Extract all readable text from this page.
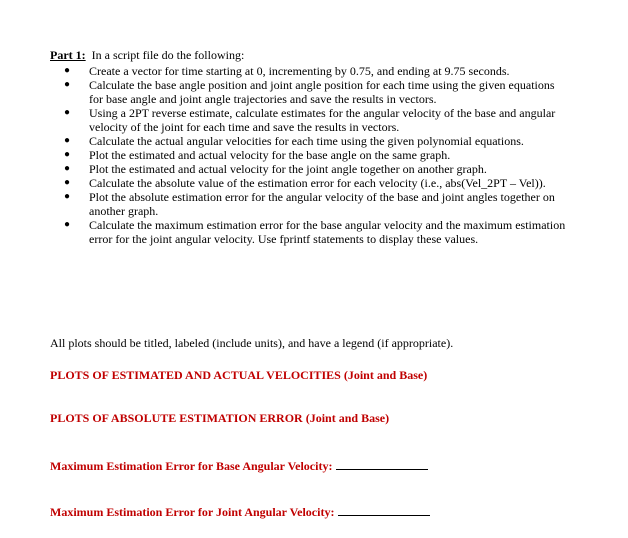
Part 1: In a script file do the following:
● Create a vector for time starting at 0, incrementing by 0.75, and ending at 9.75 seconds.
● Calculate the base angle position and joint angle position for each time using the given equations for base angle and joint angle trajectories and save the results in vectors.
● Using a 2PT reverse estimate, calculate estimates for the angular velocity of the base and angular velocity of the joint for each time and save the results in vectors.
● Calculate the actual angular velocities for each time using the given polynomial equations.
● Plot the estimated and actual velocity for the base angle on the same graph.
● Plot the estimated and actual velocity for the joint angle together on another graph.
● Calculate the absolute value of the estimation error for each velocity (i.e., abs(Vel_2PT – Vel)).
● Plot the absolute estimation error for the angular velocity of the base and joint angles together on another graph.
● Calculate the maximum estimation error for the base angular velocity and the maximum estimation error for the joint angular velocity. Use fprintf statements to display these values.
All plots should be titled, labeled (include units), and have a legend (if appropriate).
PLOTS OF ESTIMATED AND ACTUAL VELOCITIES (Joint and Base)
PLOTS OF ABSOLUTE ESTIMATION ERROR (Joint and Base)
Maximum Estimation Error for Base Angular Velocity:
Maximum Estimation Error for Joint Angular Velocity:
